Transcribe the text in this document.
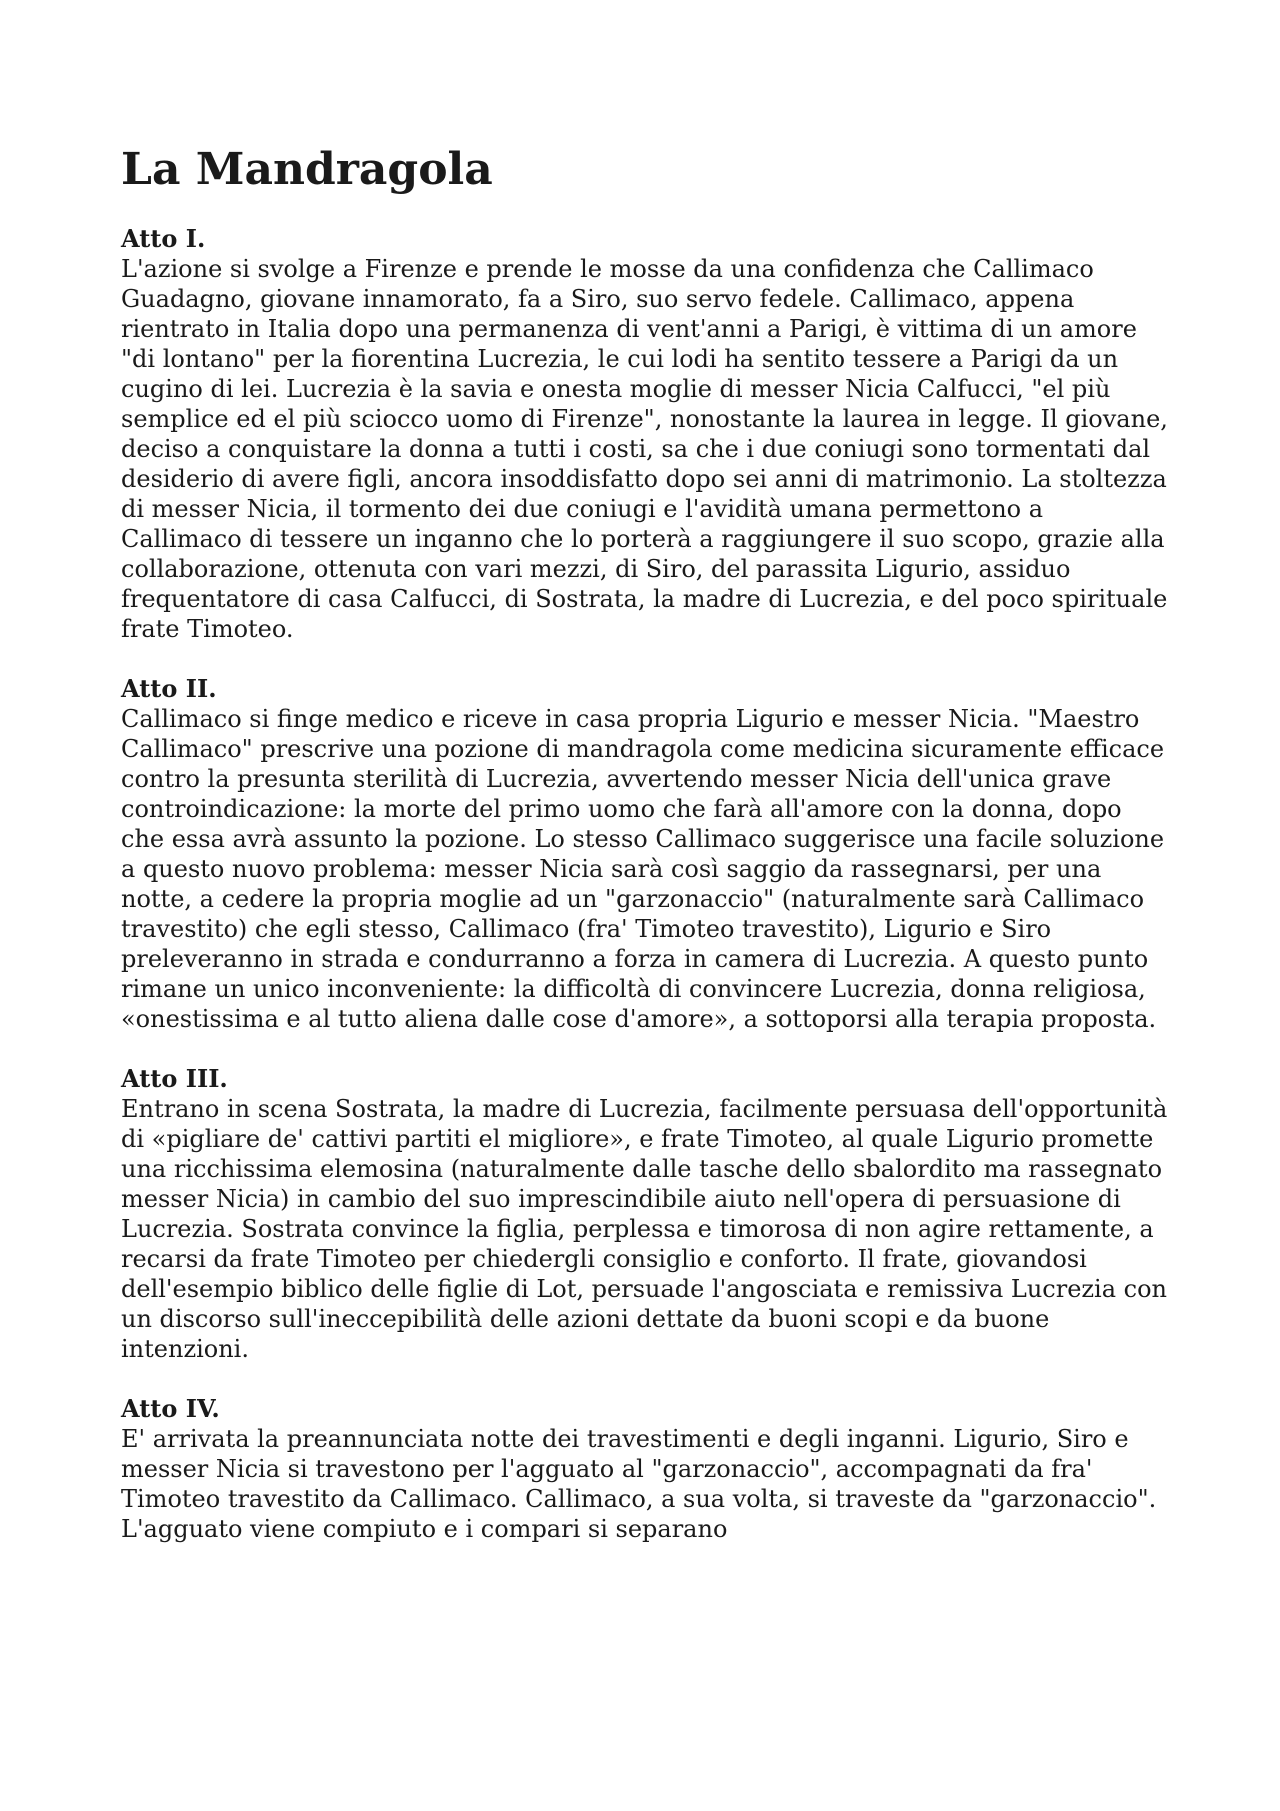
La Mandragola

Atto I.

L'azione si svolge a Firenze e prende le mosse da una confidenza che Callimaco Guadagno, giovane innamorato, fa a Siro, suo servo fedele. Callimaco, appena rientrato in Italia dopo una permanenza di vent'anni a Parigi, è vittima di un amore "di lontano" per la fiorentina Lucrezia, le cui lodi ha sentito tessere a Parigi da un cugino di lei. Lucrezia è la savia e onesta moglie di messer Nicia Calfucci, "el più semplice ed el più sciocco uomo di Firenze", nonostante la laurea in legge. Il giovane, deciso a conquistare la donna a tutti i costi, sa che i due coniugi sono tormentati dal desiderio di avere figli, ancora insoddisfatto dopo sei anni di matrimonio. La stoltezza di messer Nicia, il tormento dei due coniugi e l'avidità umana permettono a Callimaco di tessere un inganno che lo porterà a raggiungere il suo scopo, grazie alla collaborazione, ottenuta con vari mezzi, di Siro, del parassita Ligurio, assiduo frequentatore di casa Calfucci, di Sostrata, la madre di Lucrezia, e del poco spirituale frate Timoteo.

Atto II.

Callimaco si finge medico e riceve in casa propria Ligurio e messer Nicia. "Maestro Callimaco" prescrive una pozione di mandragola come medicina sicuramente efficace contro la presunta sterilità di Lucrezia, avvertendo messer Nicia dell'unica grave controindicazione: la morte del primo uomo che farà all'amore con la donna, dopo che essa avrà assunto la pozione. Lo stesso Callimaco suggerisce una facile soluzione a questo nuovo problema: messer Nicia sarà così saggio da rassegnarsi, per una notte, a cedere la propria moglie ad un "garzonaccio" (naturalmente sarà Callimaco travestito) che egli stesso, Callimaco (fra' Timoteo travestito), Ligurio e Siro preleveranno in strada e condurranno a forza in camera di Lucrezia. A questo punto rimane un unico inconveniente: la difficoltà di convincere Lucrezia, donna religiosa, «onestissima e al tutto aliena dalle cose d'amore», a sottoporsi alla terapia proposta.

Atto III.

Entrano in scena Sostrata, la madre di Lucrezia, facilmente persuasa dell'opportunità di «pigliare de' cattivi partiti el migliore», e frate Timoteo, al quale Ligurio promette una ricchissima elemosina (naturalmente dalle tasche dello sbalordito ma rassegnato messer Nicia) in cambio del suo imprescindibile aiuto nell'opera di persuasione di Lucrezia. Sostrata convince la figlia, perplessa e timorosa di non agire rettamente, a recarsi da frate Timoteo per chiedergli consiglio e conforto. Il frate, giovandosi dell'esempio biblico delle figlie di Lot, persuade l'angosciata e remissiva Lucrezia con un discorso sull'ineccepibilità delle azioni dettate da buoni scopi e da buone intenzioni.

Atto IV.

E' arrivata la preannunciata notte dei travestimenti e degli inganni. Ligurio, Siro e messer Nicia si travestono per l'agguato al "garzonaccio", accompagnati da fra' Timoteo travestito da Callimaco. Callimaco, a sua volta, si traveste da "garzonaccio". L'agguato viene compiuto e i compari si separano
